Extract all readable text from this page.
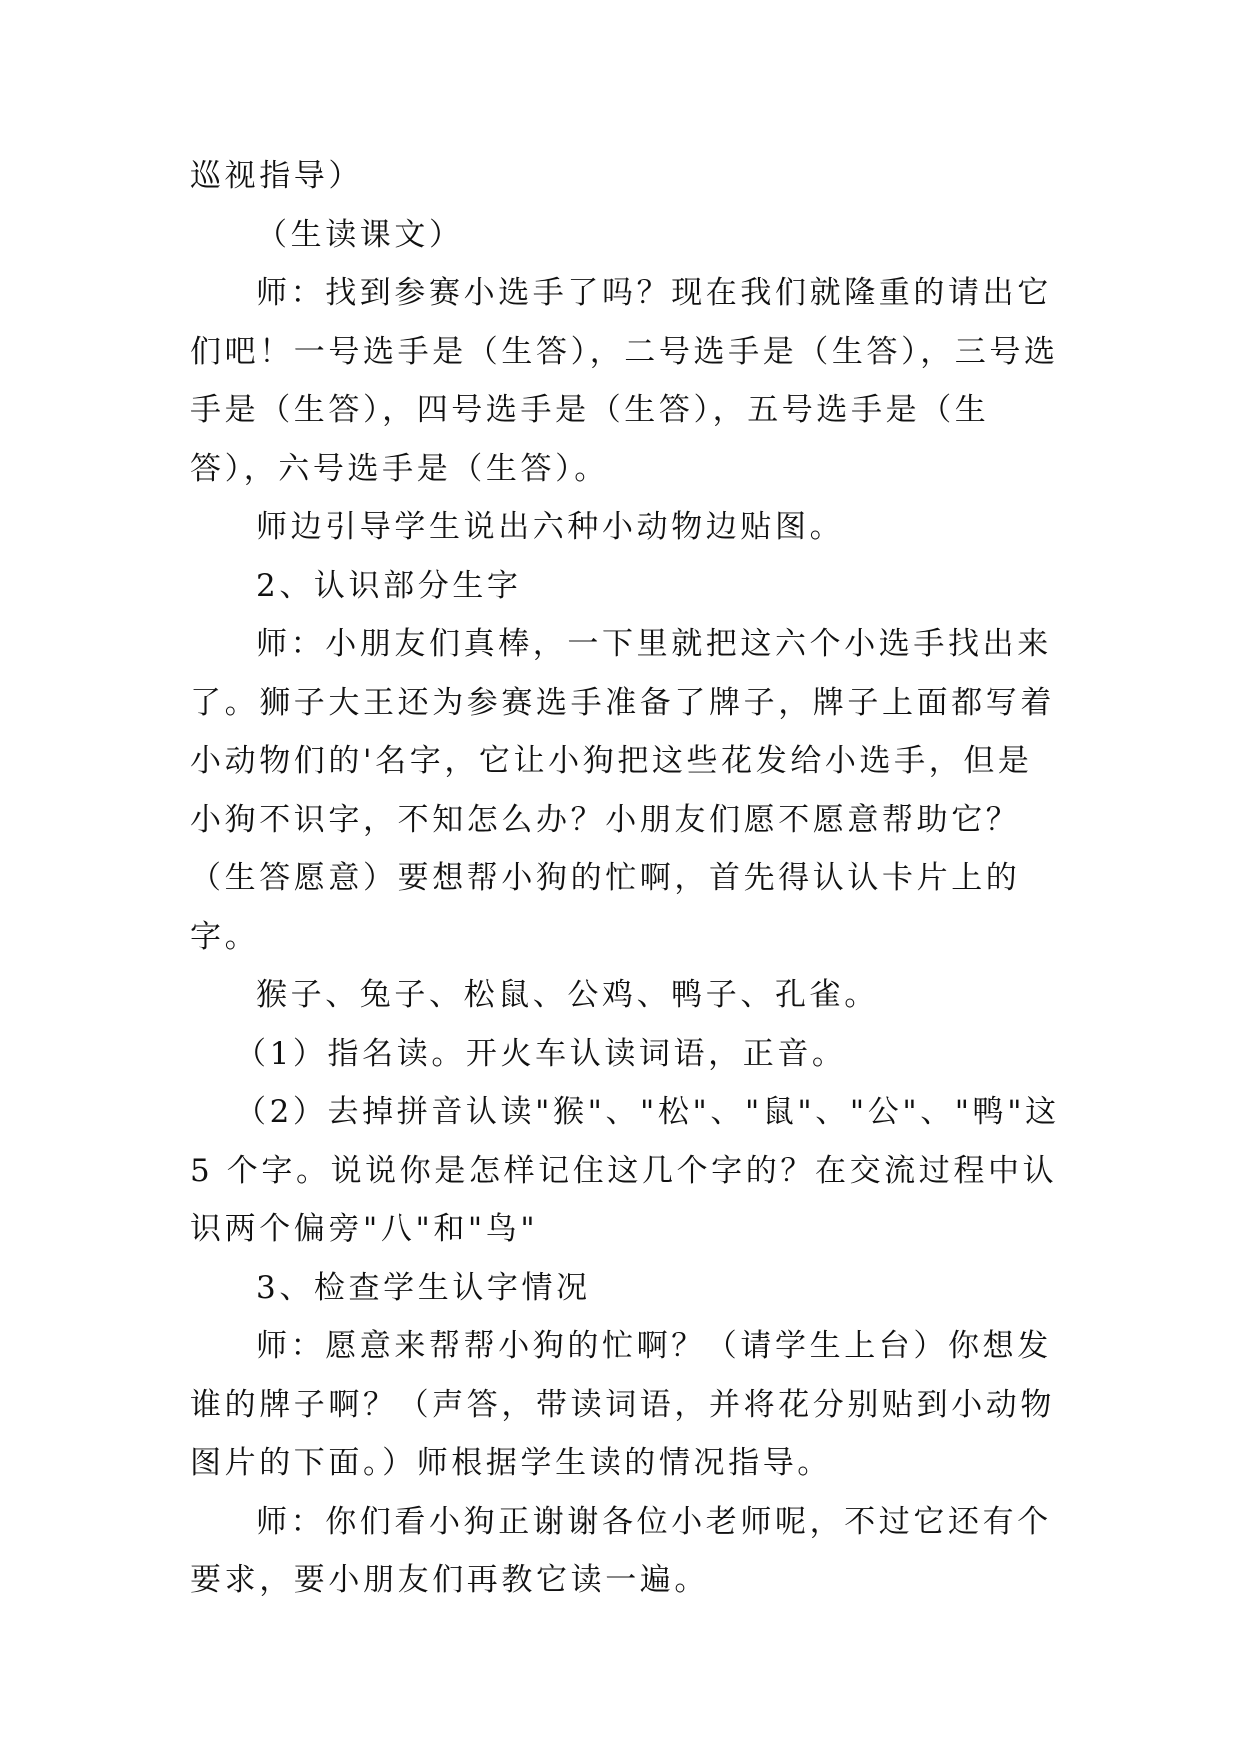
巡视指导）

（生读课文）

师：找到参赛小选手了吗？现在我们就隆重的请出它们吧！一号选手是（生答），二号选手是（生答），三号选手是（生答），四号选手是（生答），五号选手是（生答），六号选手是（生答）。

师边引导学生说出六种小动物边贴图。

2、认识部分生字

师：小朋友们真棒，一下里就把这六个小选手找出来了。狮子大王还为参赛选手准备了牌子，牌子上面都写着小动物们的'名字，它让小狗把这些花发给小选手，但是小狗不识字，不知怎么办？小朋友们愿不愿意帮助它？（生答愿意）要想帮小狗的忙啊，首先得认认卡片上的字。

猴子、兔子、松鼠、公鸡、鸭子、孔雀。

（1）指名读。开火车认读词语，正音。

（2）去掉拼音认读"猴"、"松"、"鼠"、"公"、"鸭"这 5 个字。说说你是怎样记住这几个字的？在交流过程中认识两个偏旁"八"和"鸟"

3、检查学生认字情况

师：愿意来帮帮小狗的忙啊？（请学生上台）你想发谁的牌子啊？（声答，带读词语，并将花分别贴到小动物图片的下面。）师根据学生读的情况指导。

师：你们看小狗正谢谢各位小老师呢，不过它还有个要求，要小朋友们再教它读一遍。
